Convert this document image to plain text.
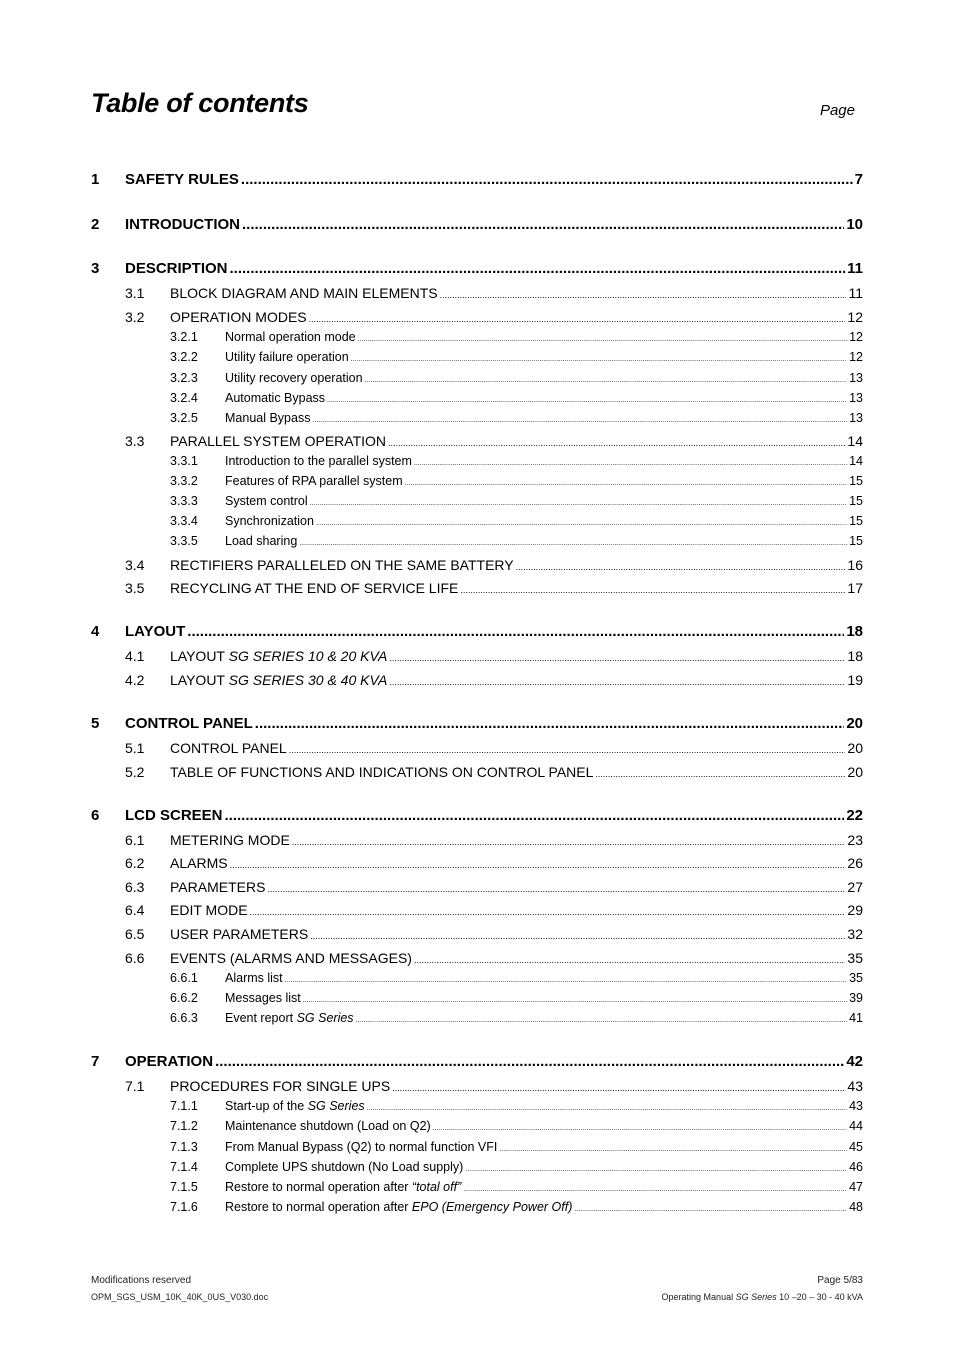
Table of contents	Page
1	SAFETY RULES .....	7
2	INTRODUCTION .....	10
3	DESCRIPTION .....	11
3.1	BLOCK DIAGRAM AND MAIN ELEMENTS .....	11
3.2	OPERATION MODES .....	12
3.2.1	Normal operation mode .....	12
3.2.2	Utility failure operation .....	12
3.2.3	Utility recovery operation .....	13
3.2.4	Automatic Bypass .....	13
3.2.5	Manual Bypass .....	13
3.3	PARALLEL SYSTEM OPERATION .....	14
3.3.1	Introduction to the parallel system .....	14
3.3.2	Features of RPA parallel system .....	15
3.3.3	System control .....	15
3.3.4	Synchronization .....	15
3.3.5	Load sharing .....	15
3.4	RECTIFIERS PARALLELED ON THE SAME BATTERY .....	16
3.5	RECYCLING AT THE END OF SERVICE LIFE .....	17
4	LAYOUT .....	18
4.1	LAYOUT SG SERIES 10 & 20 KVA .....	18
4.2	LAYOUT SG SERIES 30 & 40 KVA .....	19
5	CONTROL PANEL .....	20
5.1	CONTROL PANEL .....	20
5.2	TABLE OF FUNCTIONS AND INDICATIONS ON CONTROL PANEL .....	20
6	LCD SCREEN .....	22
6.1	METERING MODE .....	23
6.2	ALARMS .....	26
6.3	PARAMETERS .....	27
6.4	EDIT MODE .....	29
6.5	USER PARAMETERS .....	32
6.6	EVENTS (ALARMS AND MESSAGES) .....	35
6.6.1	Alarms list .....	35
6.6.2	Messages list .....	39
6.6.3	Event report SG Series .....	41
7	OPERATION .....	42
7.1	PROCEDURES FOR SINGLE UPS .....	43
7.1.1	Start-up of the SG Series .....	43
7.1.2	Maintenance shutdown (Load on Q2) .....	44
7.1.3	From Manual Bypass (Q2) to normal function VFI .....	45
7.1.4	Complete UPS shutdown (No Load supply) .....	46
7.1.5	Restore to normal operation after “total off” .....	47
7.1.6	Restore to normal operation after EPO (Emergency Power Off) .....	48
Modifications reserved
OPM_SGS_USM_10K_40K_0US_V030.doc
Page 5/83
Operating Manual SG Series 10 –20 – 30 - 40 kVA
